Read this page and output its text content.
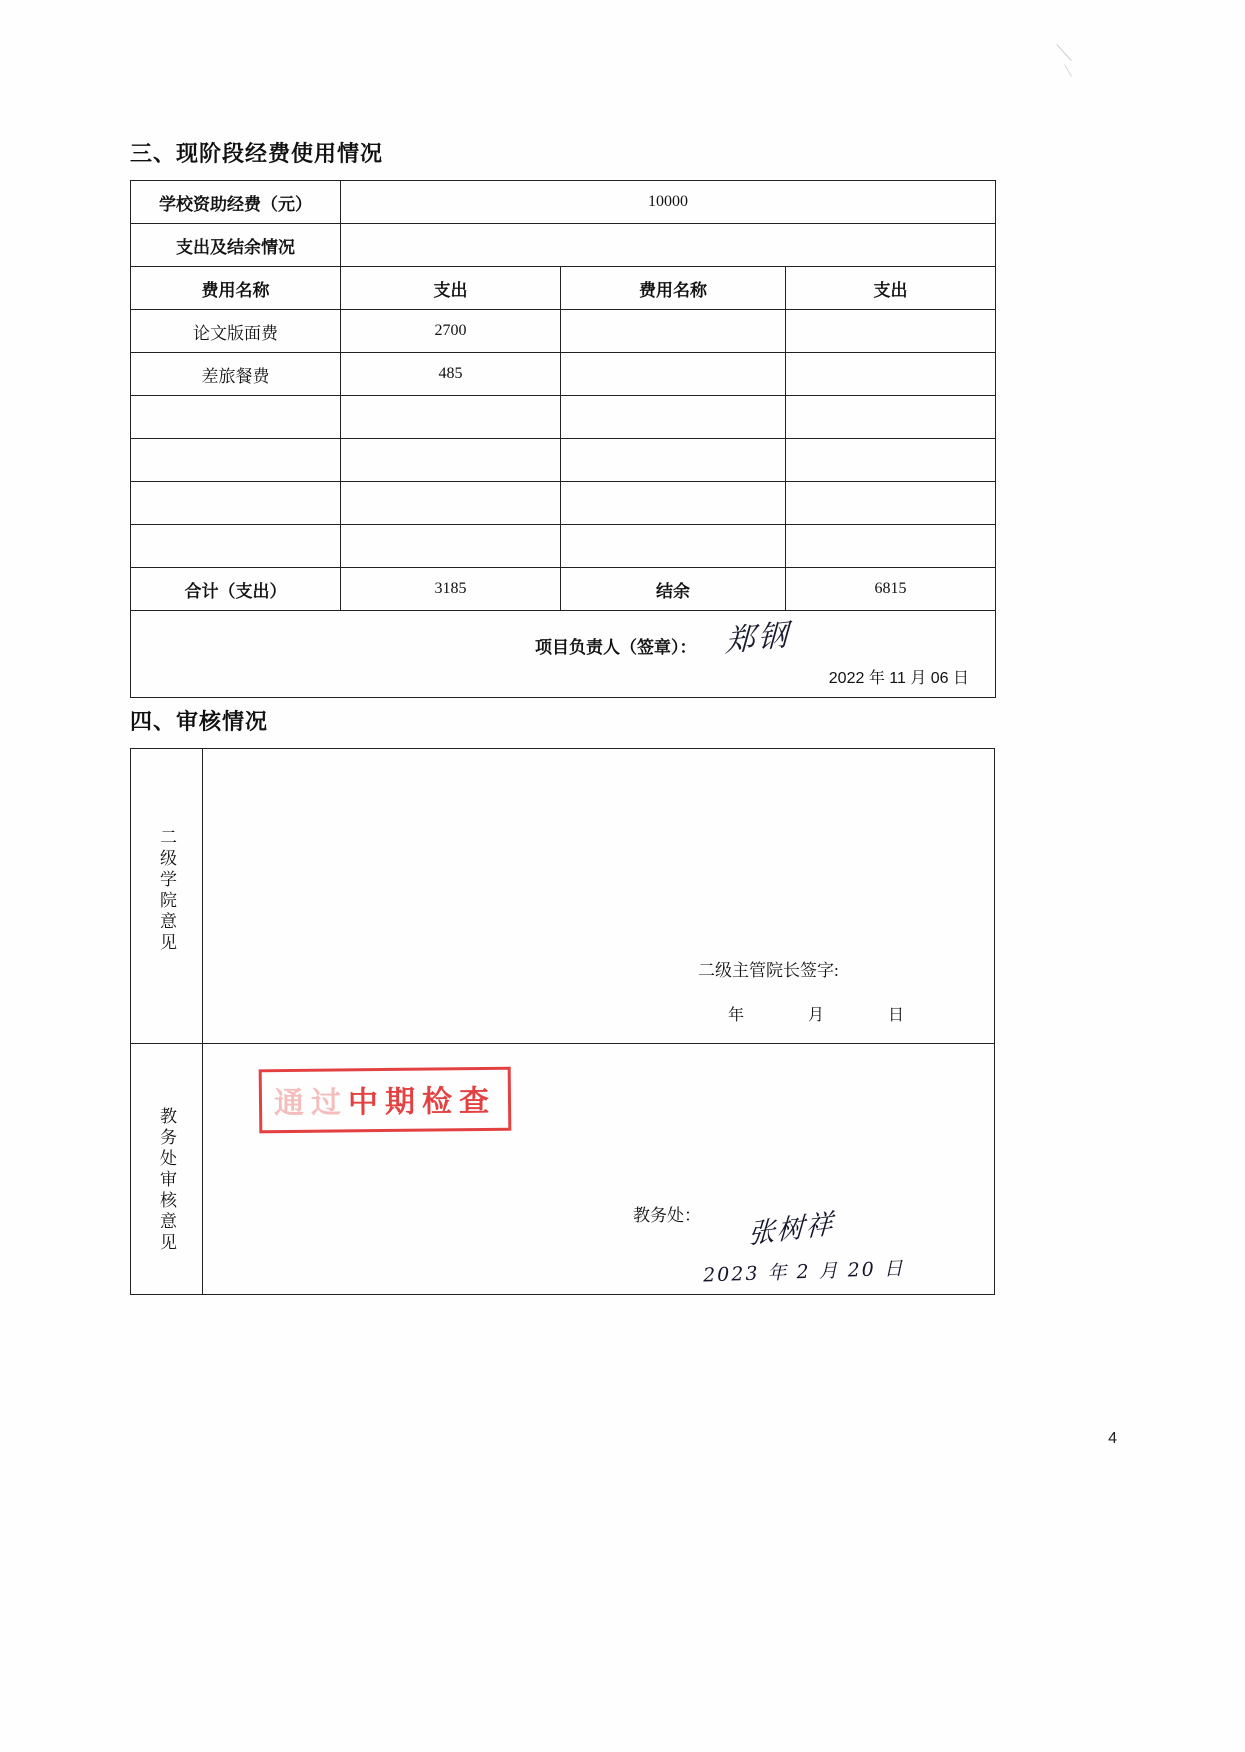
三、现阶段经费使用情况
学校资助经费（元）	10000		
支出及结余情况			
费用名称	支出	费用名称	支出
论文版面费	2700		
差旅餐费	485		

合计（支出）	3185	结余	6815

项目负责人（签章）： 郑钢
2022 年 11 月 06 日			
四、审核情况
二级学院意见	二级主管院长签字:
年 月 日

教务处审核意见	通过中期检查
教务处： 张树祥
2023 年 2 月 20 日
4
